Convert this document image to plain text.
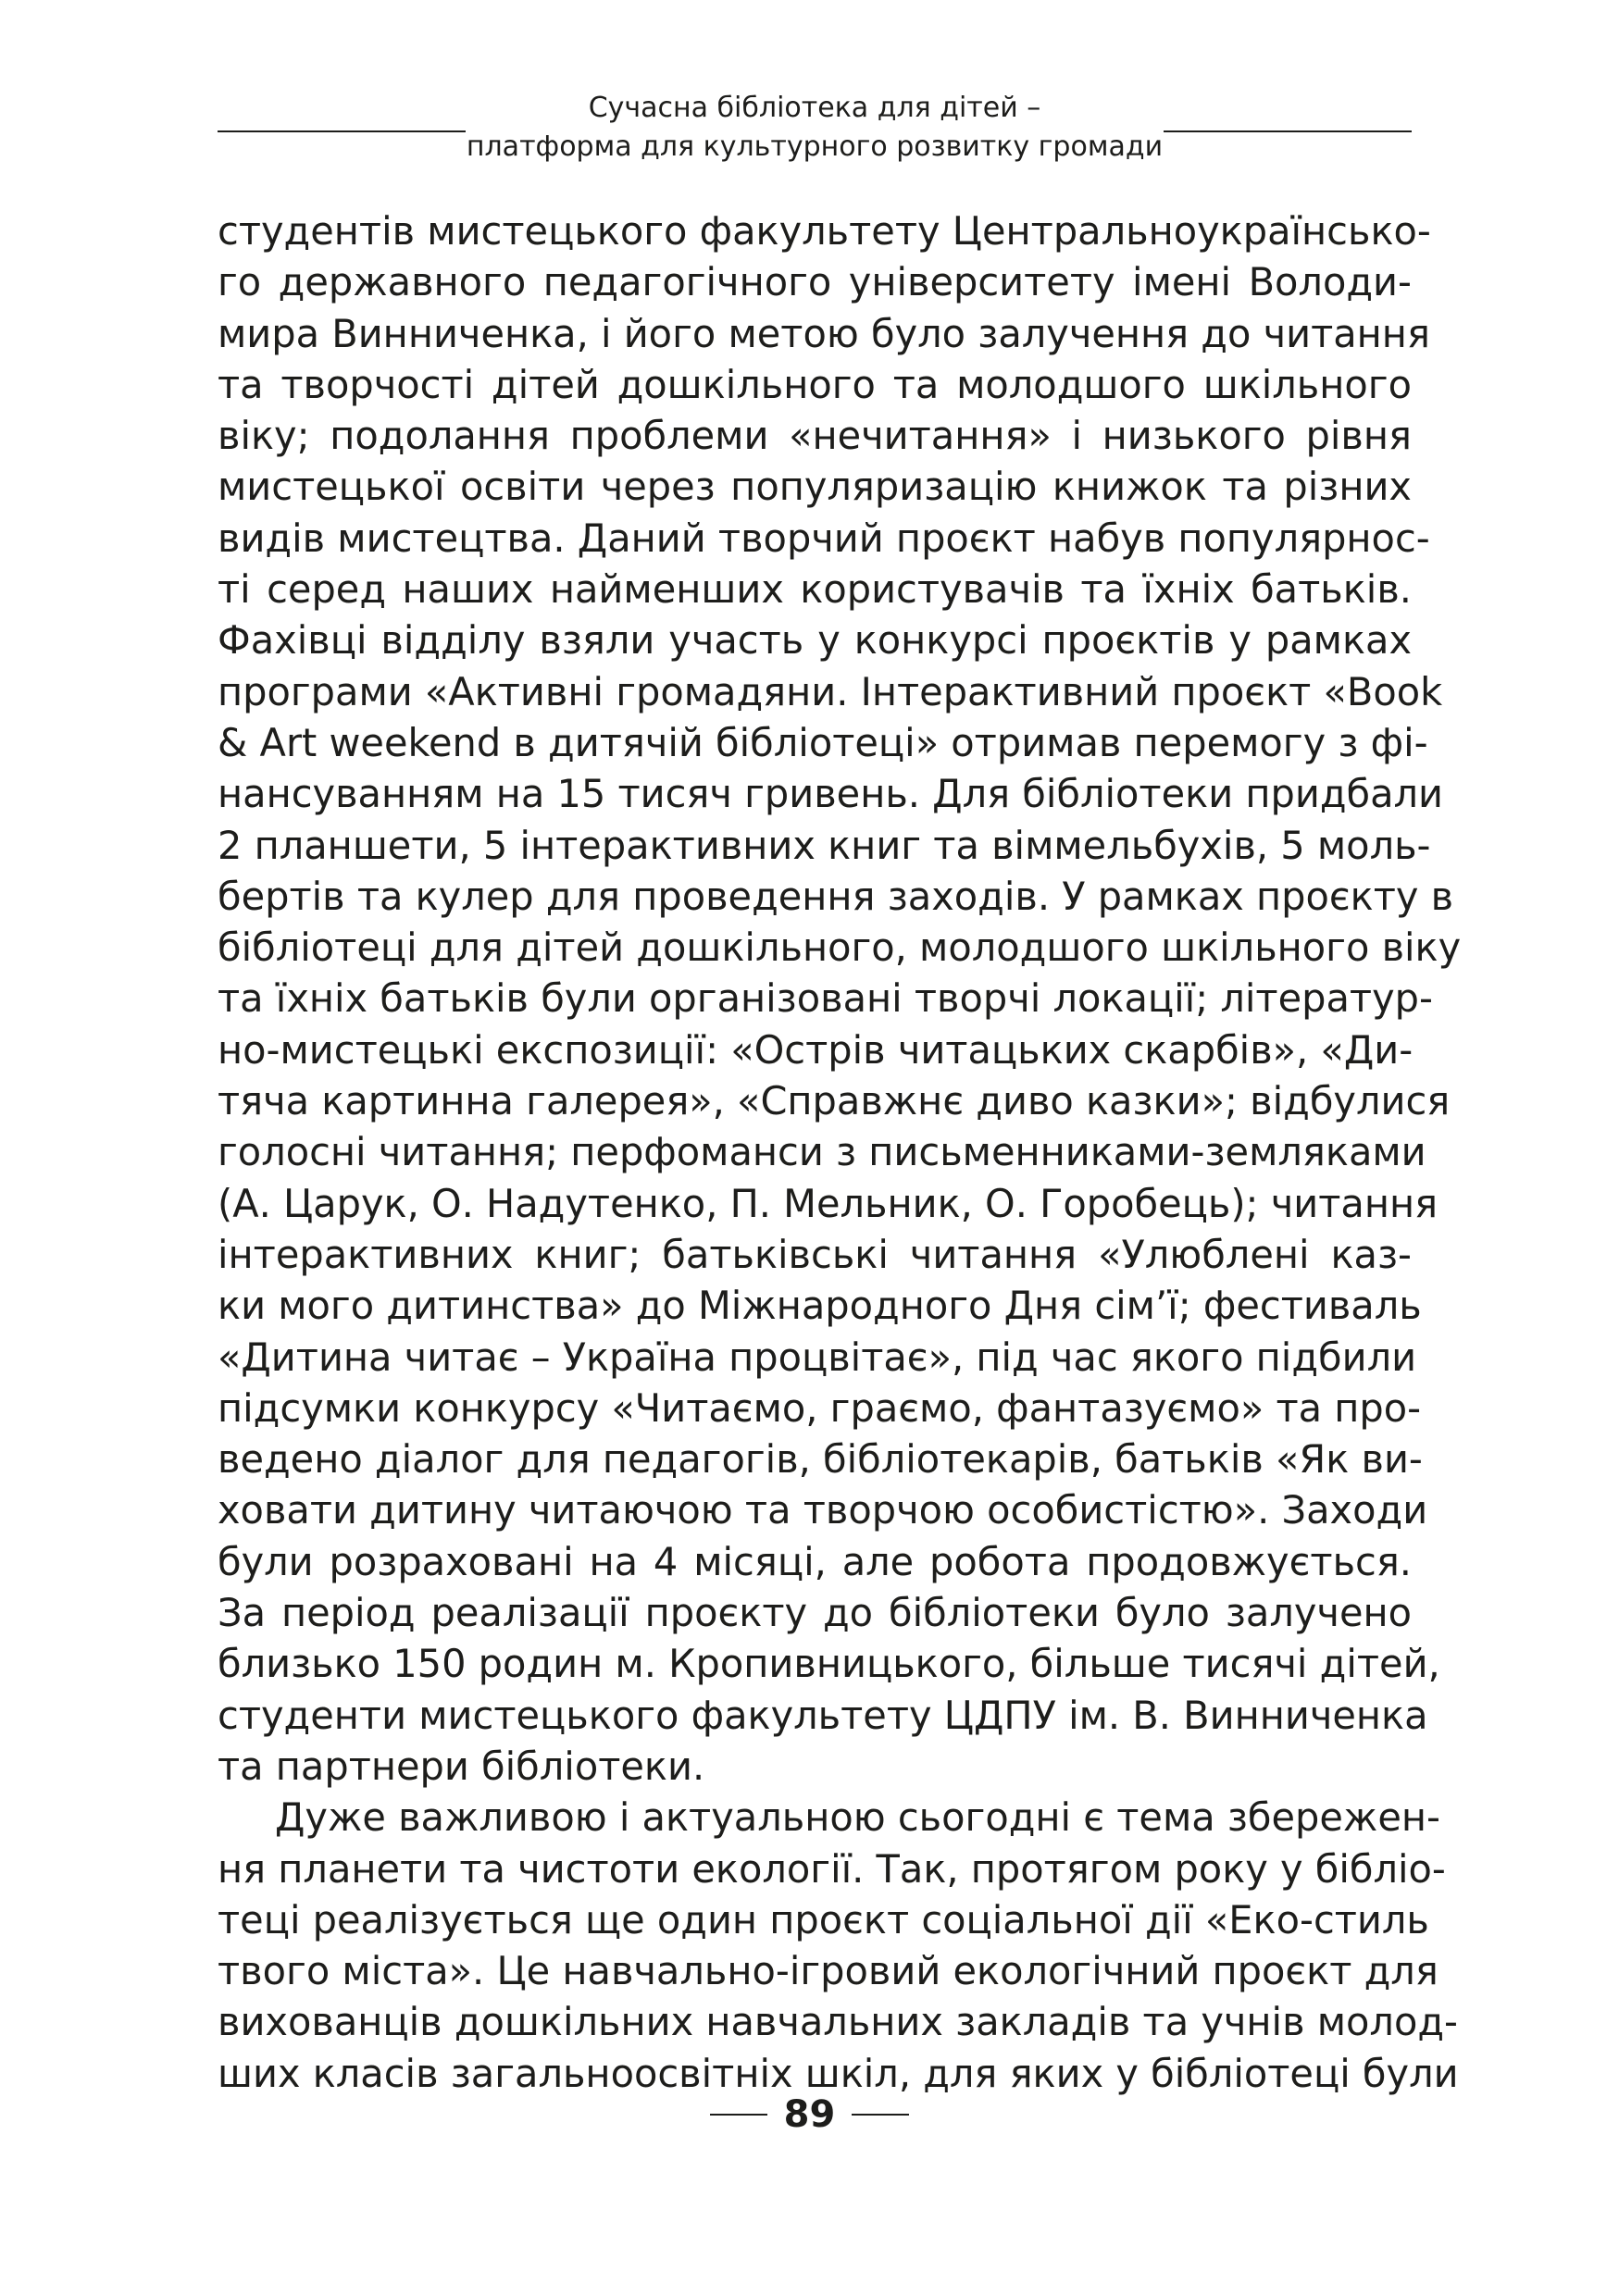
Сучасна бібліотека для дітей –
платформа для культурного розвитку громади
студентів мистецького факультету Центральноукраїнсько-
го державного педагогічного університету імені Володи-
мира Винниченка, і його метою було залучення до читання
та творчості дітей дошкільного та молодшого шкільного
віку; подолання проблеми «нечитання» і низького рівня
мистецької освіти через популяризацію книжок та різних
видів мистецтва. Даний творчий проєкт набув популярнос-
ті серед наших найменших користувачів та їхніх батьків.
Фахівці відділу взяли участь у конкурсі проєктів у рамках
програми «Активні громадяни. Інтерактивний проєкт «Book
& Art weekend в дитячій бібліотеці» отримав перемогу з фі-
нансуванням на 15 тисяч гривень. Для бібліотеки придбали
2 планшети, 5 інтерактивних книг та віммельбухів, 5 моль-
бертів та кулер для проведення заходів. У рамках проєкту в
бібліотеці для дітей дошкільного, молодшого шкільного віку
та їхніх батьків були організовані творчі локації; літератур-
но-мистецькі експозиції: «Острів читацьких скарбів», «Ди-
тяча картинна галерея», «Справжнє диво казки»; відбулися
голосні читання; перфоманси з письменниками-земляками
(А. Царук, О. Надутенко, П. Мельник, О. Горобець); читання
інтерактивних книг; батьківські читання «Улюблені каз-
ки мого дитинства» до Міжнародного Дня сім’ї; фестиваль
«Дитина читає – Україна процвітає», під час якого підбили
підсумки конкурсу «Читаємо, граємо, фантазуємо» та про-
ведено діалог для педагогів, бібліотекарів, батьків «Як ви-
ховати дитину читаючою та творчою особистістю». Заходи
були розраховані на 4 місяці, але робота продовжується.
За період реалізації проєкту до бібліотеки було залучено
близько 150 родин м. Кропивницького, більше тисячі дітей,
студенти мистецького факультету ЦДПУ ім. В. Винниченка
та партнери бібліотеки.
Дуже важливою і актуальною сьогодні є тема збережен-
ня планети та чистоти екології. Так, протягом року у бібліо-
теці реалізується ще один проєкт соціальної дії «Еко-стиль
твого міста». Це навчально-ігровий екологічний проєкт для
вихованців дошкільних навчальних закладів та учнів молод-
ших класів загальноосвітніх шкіл, для яких у бібліотеці були
89
